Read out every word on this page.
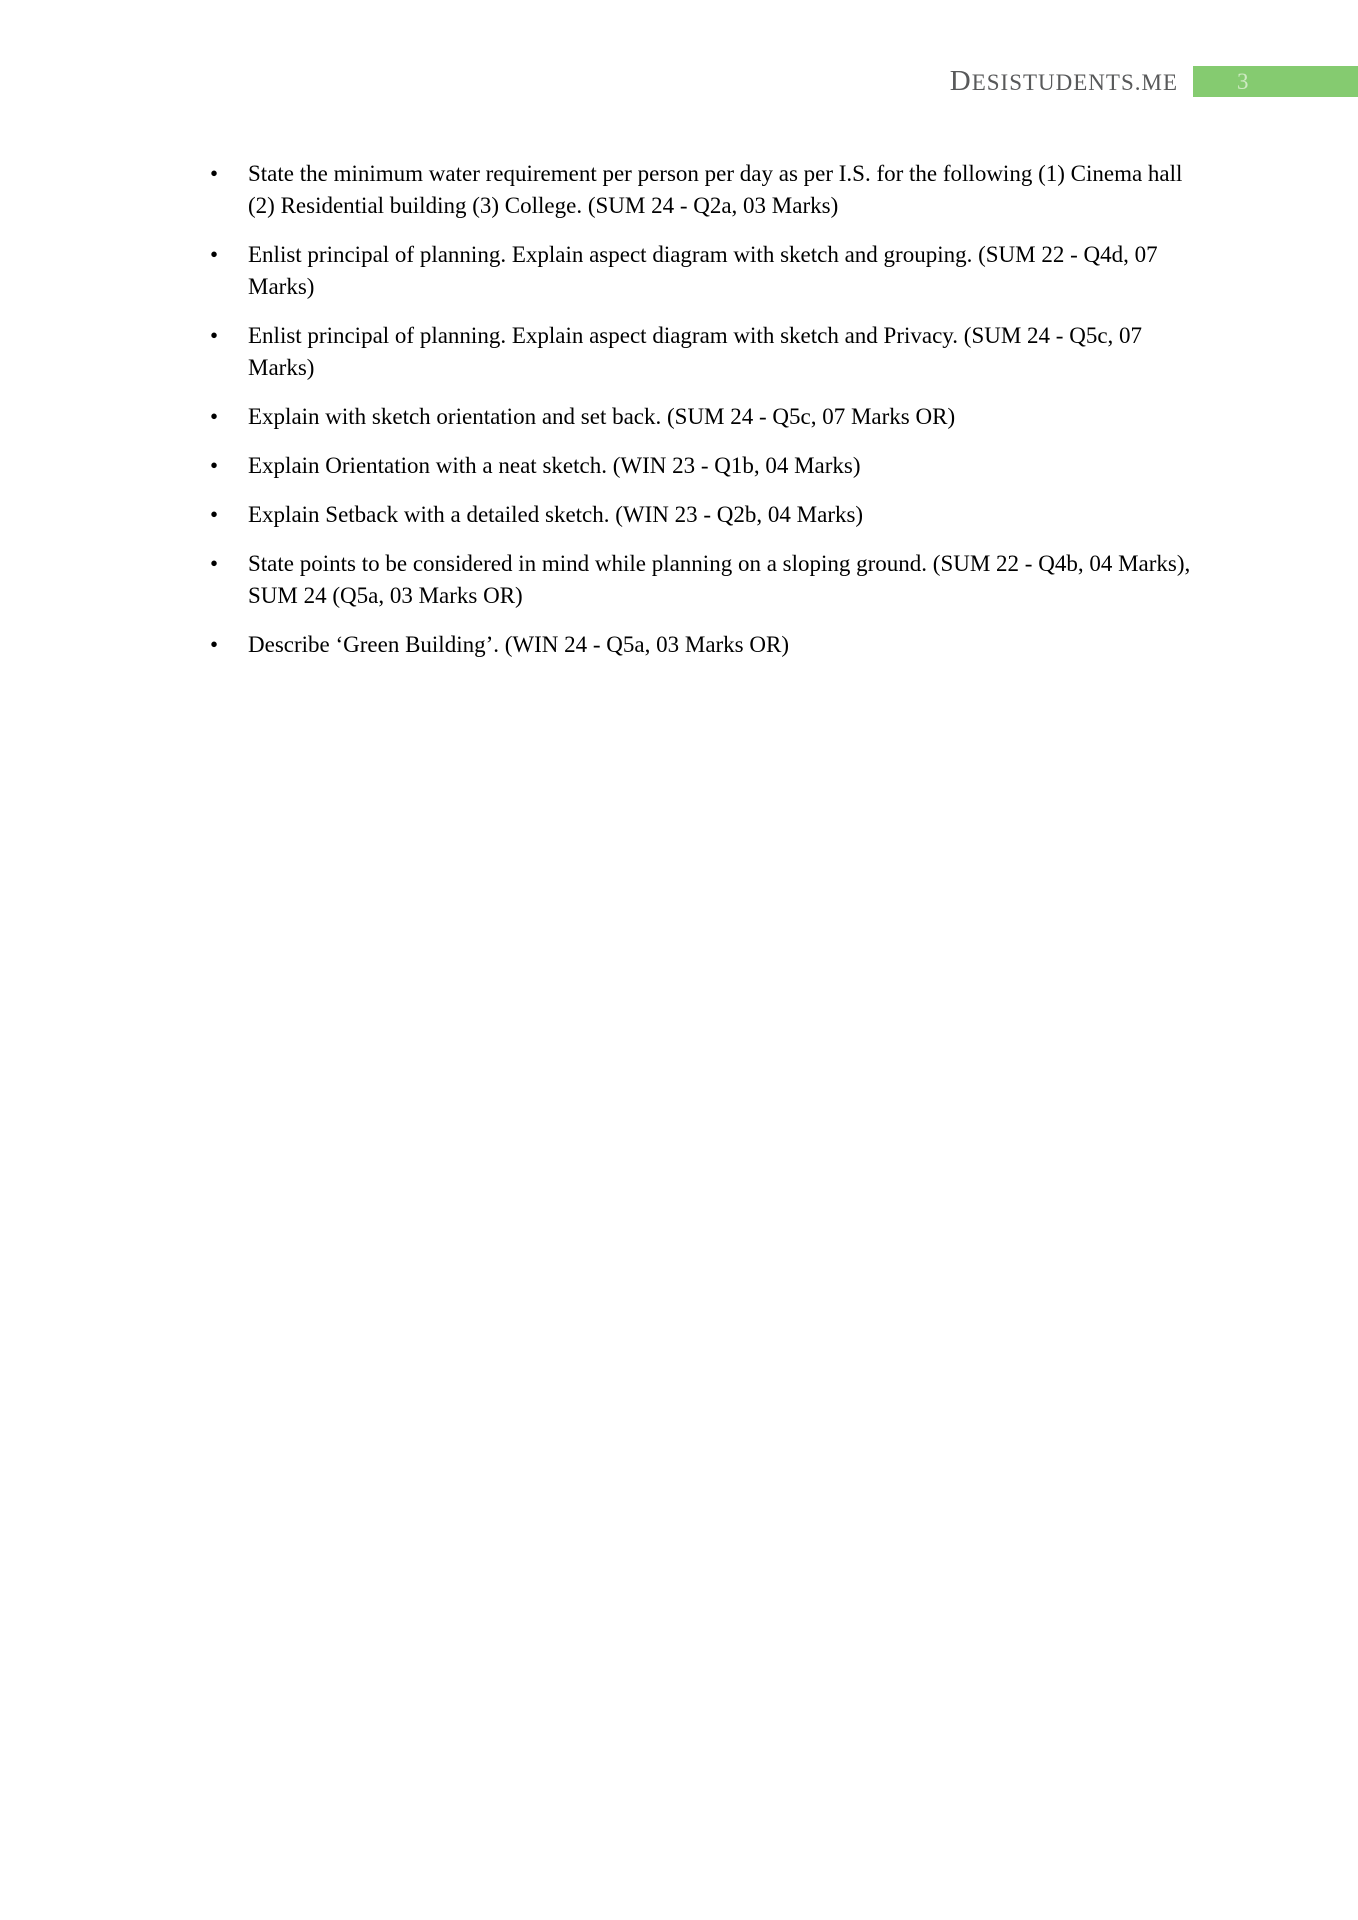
DESISTUDENTS.ME	3
•
State the minimum water requirement per person per day as per I.S. for the following (1) Cinema hall (2) Residential building (3) College. (SUM 24 - Q2a, 03 Marks)
•
Enlist principal of planning. Explain aspect diagram with sketch and grouping. (SUM 22 - Q4d, 07 Marks)
•
Enlist principal of planning. Explain aspect diagram with sketch and Privacy. (SUM 24 - Q5c, 07 Marks)
•
Explain with sketch orientation and set back. (SUM 24 - Q5c, 07 Marks OR)
•
Explain Orientation with a neat sketch. (WIN 23 - Q1b, 04 Marks)
•
Explain Setback with a detailed sketch. (WIN 23 - Q2b, 04 Marks)
•
State points to be considered in mind while planning on a sloping ground. (SUM 22 - Q4b, 04 Marks), SUM 24 (Q5a, 03 Marks OR)
•
Describe ‘Green Building’. (WIN 24 - Q5a, 03 Marks OR)
